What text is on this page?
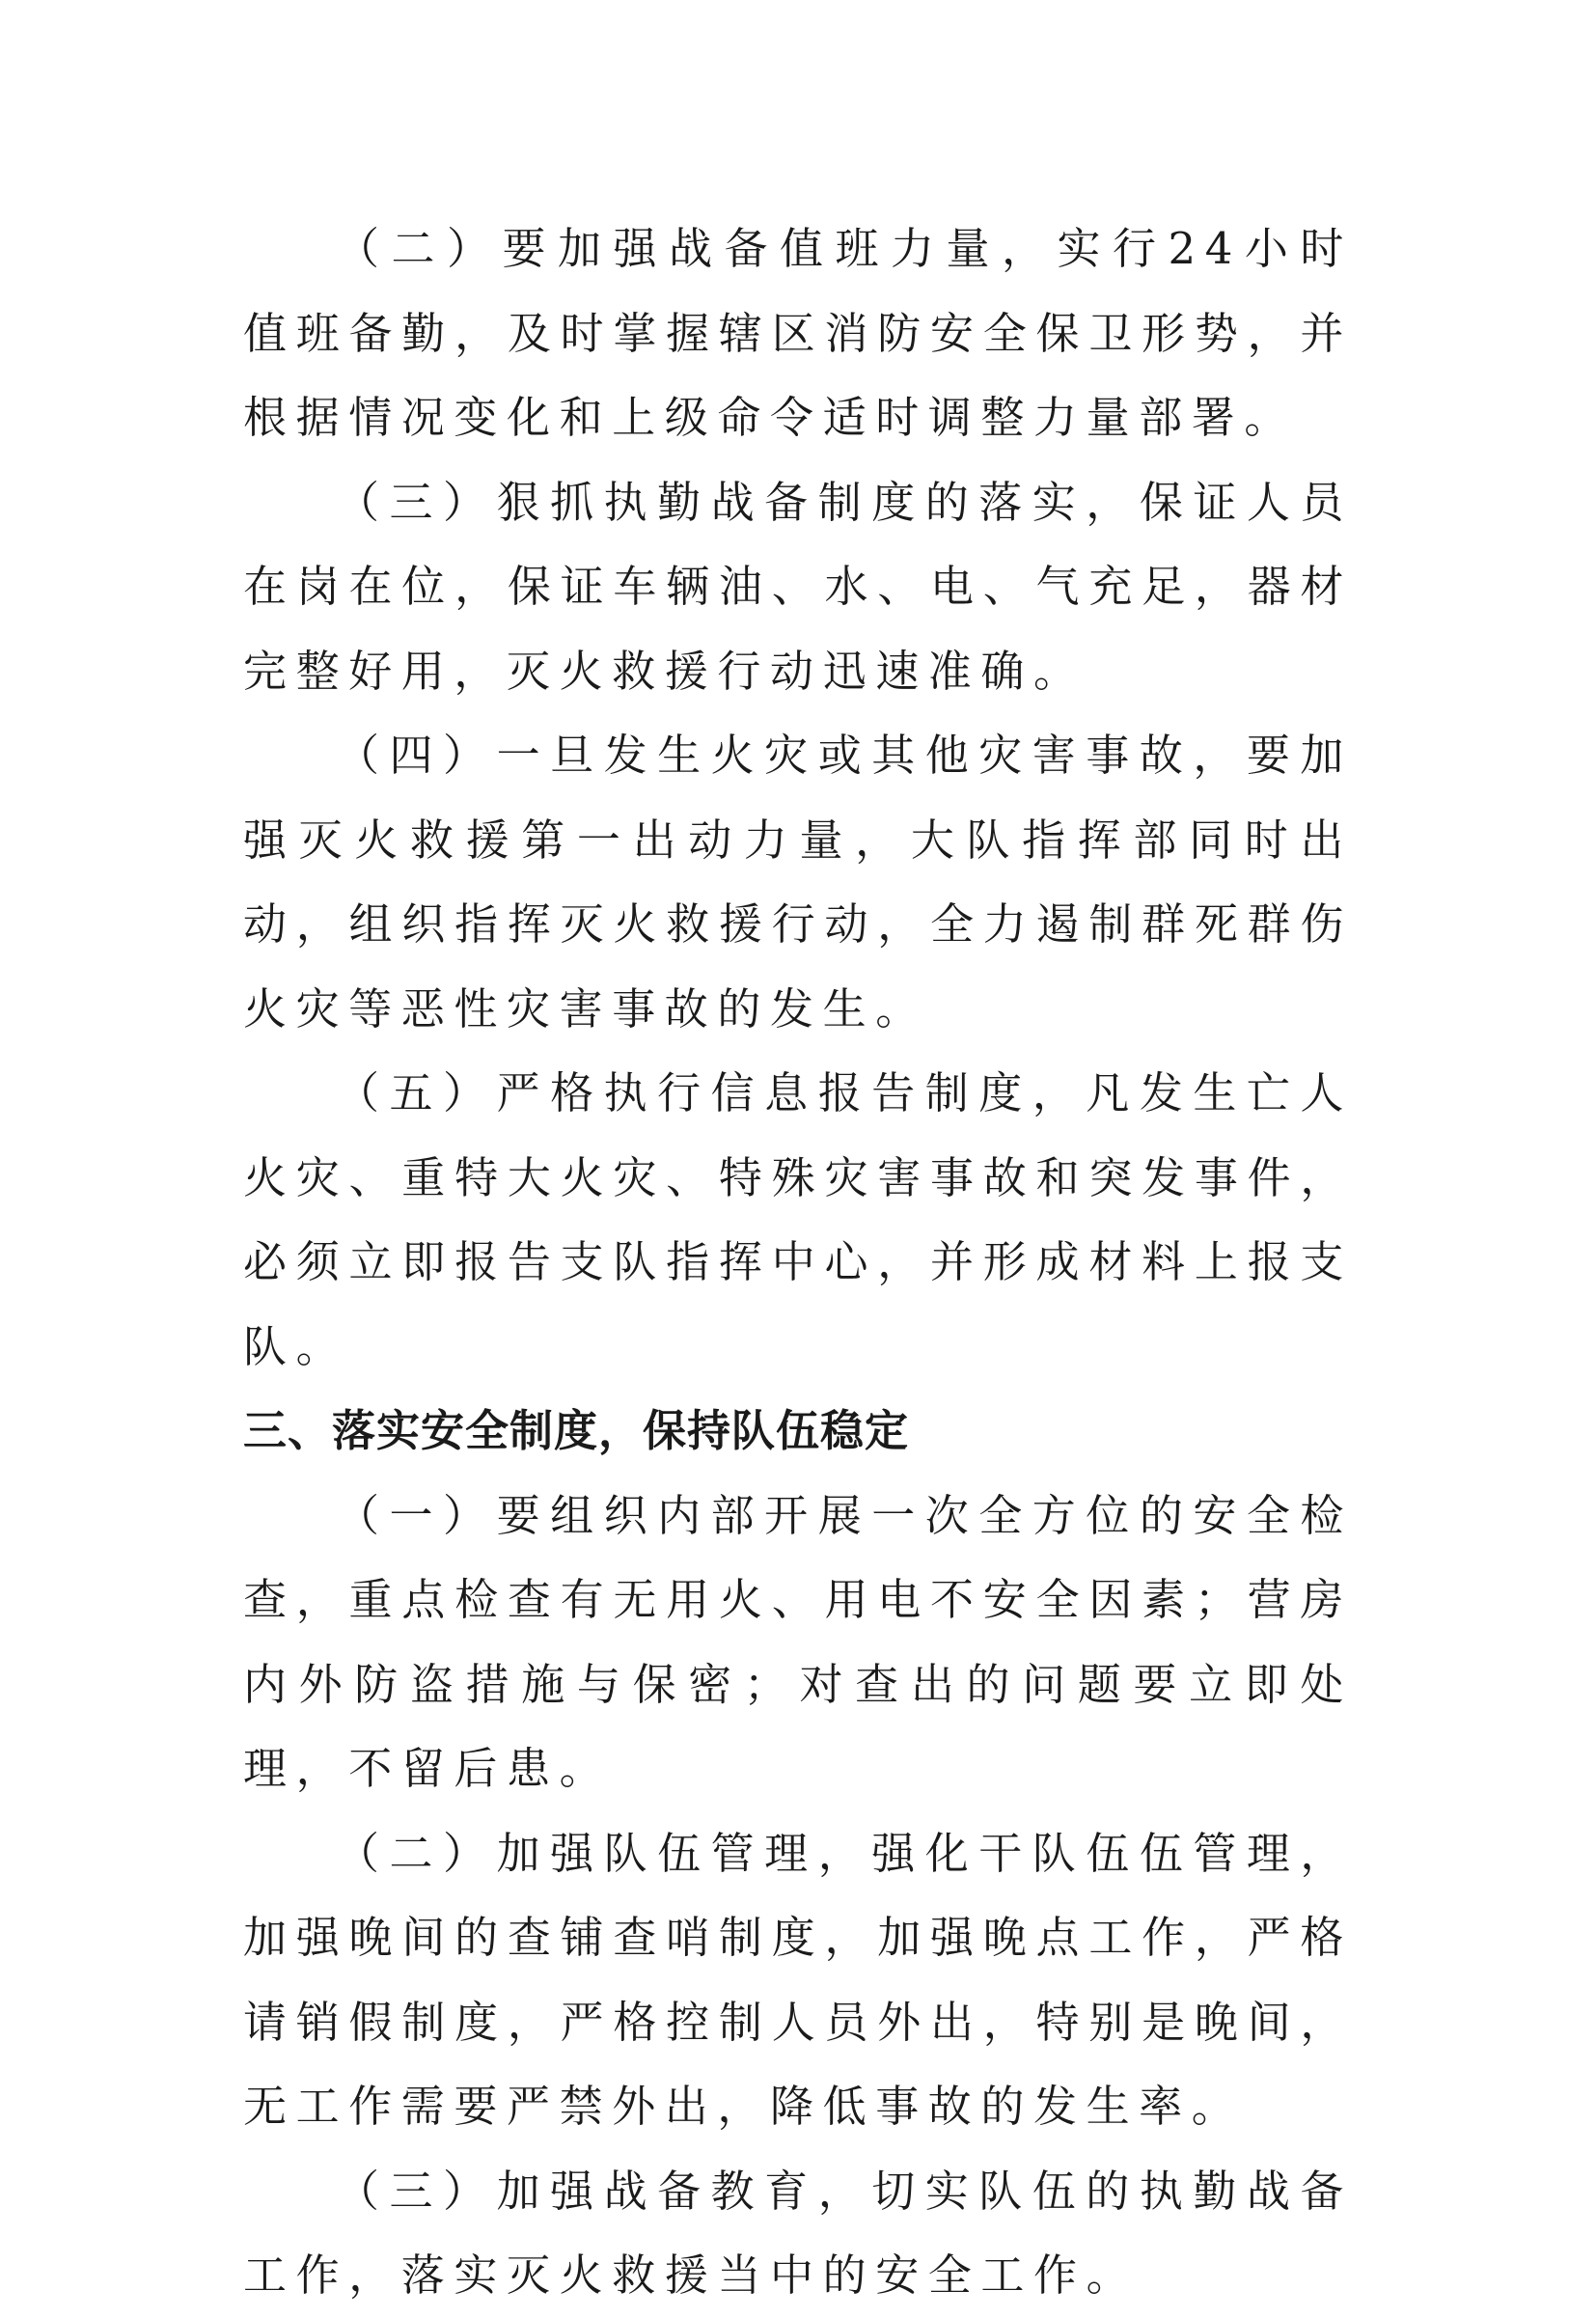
（二）要加强战备值班力量，实行24小时值班备勤，及时掌握辖区消防安全保卫形势，并根据情况变化和上级命令适时调整力量部署。

（三）狠抓执勤战备制度的落实，保证人员在岗在位，保证车辆油、水、电、气充足，器材完整好用，灭火救援行动迅速准确。

（四）一旦发生火灾或其他灾害事故，要加强灭火救援第一出动力量，大队指挥部同时出动，组织指挥灭火救援行动，全力遏制群死群伤火灾等恶性灾害事故的发生。

（五）严格执行信息报告制度，凡发生亡人火灾、重特大火灾、特殊灾害事故和突发事件，必须立即报告支队指挥中心，并形成材料上报支队。

三、落实安全制度，保持队伍稳定

（一）要组织内部开展一次全方位的安全检查，重点检查有无用火、用电不安全因素；营房内外防盗措施与保密；对查出的问题要立即处理，不留后患。

（二）加强队伍管理，强化干队伍伍管理，加强晚间的查铺查哨制度，加强晚点工作，严格请销假制度，严格控制人员外出，特别是晚间，无工作需要严禁外出，降低事故的发生率。

（三）加强战备教育，切实队伍的执勤战备工作，落实灭火救援当中的安全工作。
